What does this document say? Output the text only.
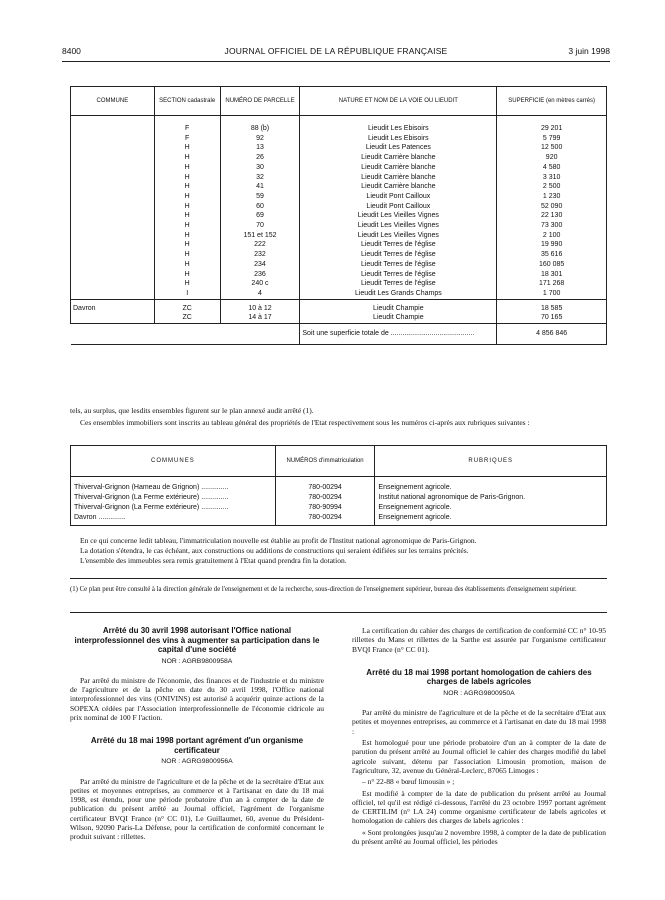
8400	JOURNAL OFFICIEL DE LA RÉPUBLIQUE FRANÇAISE	3 juin 1998
COMMUNE	SECTION cadastrale	NUMÉRO DE PARCELLE	NATURE ET NOM DE LA VOIE OU LIEUDIT	SUPERFICIE (en mètres carrés)
	F	88 (b)	Lieudit Les Ebisoirs	29 201
	F	92	Lieudit Les Ebisoirs	5 799
	H	13	Lieudit Les Patences	12 500
	H	26	Lieudit Carrière blanche	920
	H	30	Lieudit Carrière blanche	4 580
	H	32	Lieudit Carrière blanche	3 310
	H	41	Lieudit Carrière blanche	2 500
	H	59	Lieudit Pont Cailloux	1 230
	H	60	Lieudit Pont Cailloux	52 090
	H	69	Lieudit Les Vieilles Vignes	22 130
	H	70	Lieudit Les Vieilles Vignes	73 300
	H	151 et 152	Lieudit Les Vieilles Vignes	2 100
	H	222	Lieudit Terres de l'église	19 990
	H	232	Lieudit Terres de l'église	35 616
	H	234	Lieudit Terres de l'église	160 085
	H	236	Lieudit Terres de l'église	18 301
	H	240 c	Lieudit Terres de l'église	171 268
	I	4	Lieudit Les Grands Champs	1 700
Davron	ZC	10 à 12	Lieudit Champie	18 585
	ZC	14 à 17	Lieudit Champie	70 165
			Soit une superficie totale de ...........................................	4 856 846
tels, au surplus, que lesdits ensembles figurent sur le plan annexé audit arrêté (1).
Ces ensembles immobiliers sont inscrits au tableau général des propriétés de l'Etat respectivement sous les numéros ci-après aux rubriques suivantes :
COMMUNES	NUMÉROS d'immatriculation	RUBRIQUES
Thiverval-Grignon (Hameau de Grignon) ..............	780-00294	Enseignement agricole.
Thiverval-Grignon (La Ferme extérieure) ..............	780-00294	Institut national agronomique de Paris-Grignon.
Thiverval-Grignon (La Ferme extérieure) ..............	780-90994	Enseignement agricole.
Davron ..............	780-00294	Enseignement agricole.
En ce qui concerne ledit tableau, l'immatriculation nouvelle est établie au profit de l'Institut national agronomique de Paris-Grignon.
La dotation s'étendra, le cas échéant, aux constructions ou additions de constructions qui seraient édifiées sur les terrains précités.
L'ensemble des immeubles sera remis gratuitement à l'Etat quand prendra fin la dotation.
(1) Ce plan peut être consulté à la direction générale de l'enseignement et de la recherche, sous-direction de l'enseignement supérieur, bureau des établissements d'enseignement supérieur.
Arrêté du 30 avril 1998 autorisant l'Office national interprofessionnel des vins à augmenter sa participation dans le capital d'une société
NOR : AGRB9800958A

Par arrêté du ministre de l'économie, des finances et de l'industrie et du ministre de l'agriculture et de la pêche en date du 30 avril 1998, l'Office national interprofessionnel des vins (ONIVINS) est autorisé à acquérir quinze actions de la SOPEXA cédées par l'Association interprofessionnelle de l'économie cidricole au prix nominal de 100 F l'action.

Arrêté du 18 mai 1998 portant agrément d'un organisme certificateur
NOR : AGRG9800956A

Par arrêté du ministre de l'agriculture et de la pêche et de la secrétaire d'Etat aux petites et moyennes entreprises, au commerce et à l'artisanat en date du 18 mai 1998, est étendu, pour une période probatoire d'un an à compter de la date de publication du présent arrêté au Journal officiel, l'agrément de l'organisme certificateur BVQI France (n° CC 01), Le Guillaumet, 60, avenue du Président-Wilson, 92090 Paris-La Défense, pour la certification de conformité concernant le produit suivant : rillettes.

La certification du cahier des charges de certification de conformité CC n° 10-95 rillettes du Mans et rillettes de la Sarthe est assurée par l'organisme certificateur BVQI France (n° CC 01).

Arrêté du 18 mai 1998 portant homologation de cahiers des charges de labels agricoles
NOR : AGRG9800950A

Par arrêté du ministre de l'agriculture et de la pêche et de la secrétaire d'Etat aux petites et moyennes entreprises, au commerce et à l'artisanat en date du 18 mai 1998 :

Est homologué pour une période probatoire d'un an à compter de la date de parution du présent arrêté au Journal officiel le cahier des charges modifié du label agricole suivant, détenu par l'association Limousin promotion, maison de l'agriculture, 32, avenue du Général-Leclerc, 87065 Limoges :

– n° 22-88 « bœuf limousin » ;

Est modifié à compter de la date de publication du présent arrêté au Journal officiel, tel qu'il est rédigé ci-dessous, l'arrêté du 23 octobre 1997 portant agrément de CERTILIM (n° LA 24) comme organisme certificateur de labels agricoles et homologation de cahiers des charges de labels agricoles :

« Sont prolongées jusqu'au 2 novembre 1998, à compter de la date de publication du présent arrêté au Journal officiel, les périodes
